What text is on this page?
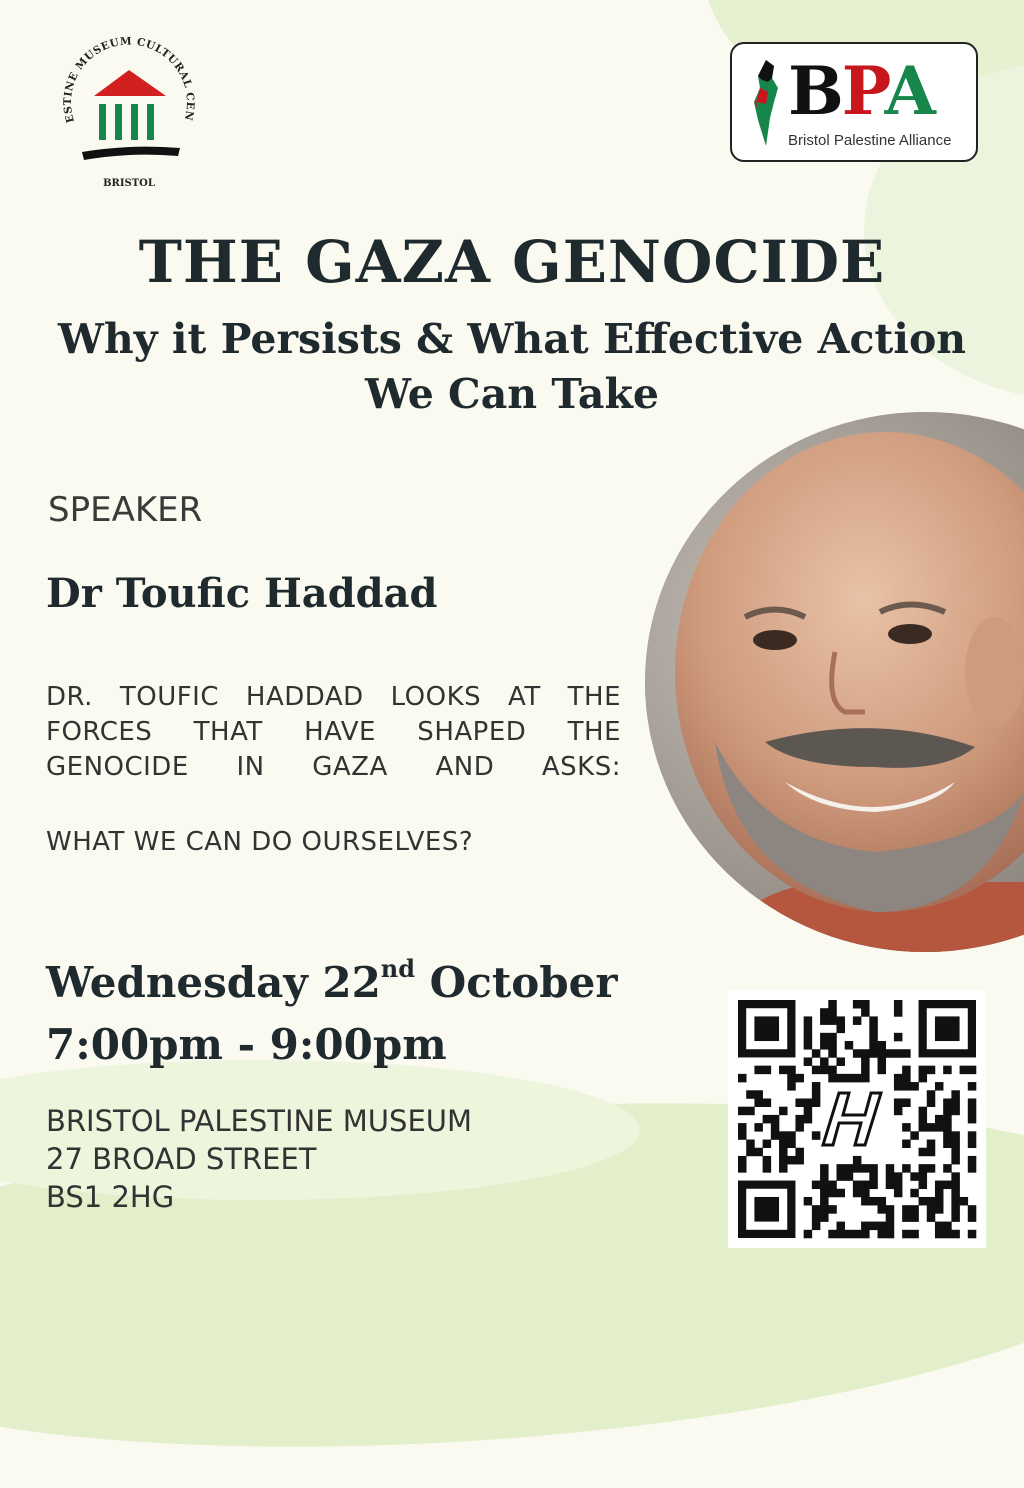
ESTINE MUSEUM CULTURAL CEN
BRISTOL
BPA
Bristol Palestine Alliance
THE GAZA GENOCIDE
Why it Persists & What Effective Action
We Can Take
SPEAKER
Dr Toufic Haddad
DR. TOUFIC HADDAD LOOKS AT THE FORCES THAT HAVE SHAPED THE GENOCIDE IN GAZA AND ASKS:
WHAT WE CAN DO OURSELVES?
Wednesday 22nd October
7:00pm - 9:00pm
BRISTOL PALESTINE MUSEUM
27 BROAD STREET
BS1 2HG
